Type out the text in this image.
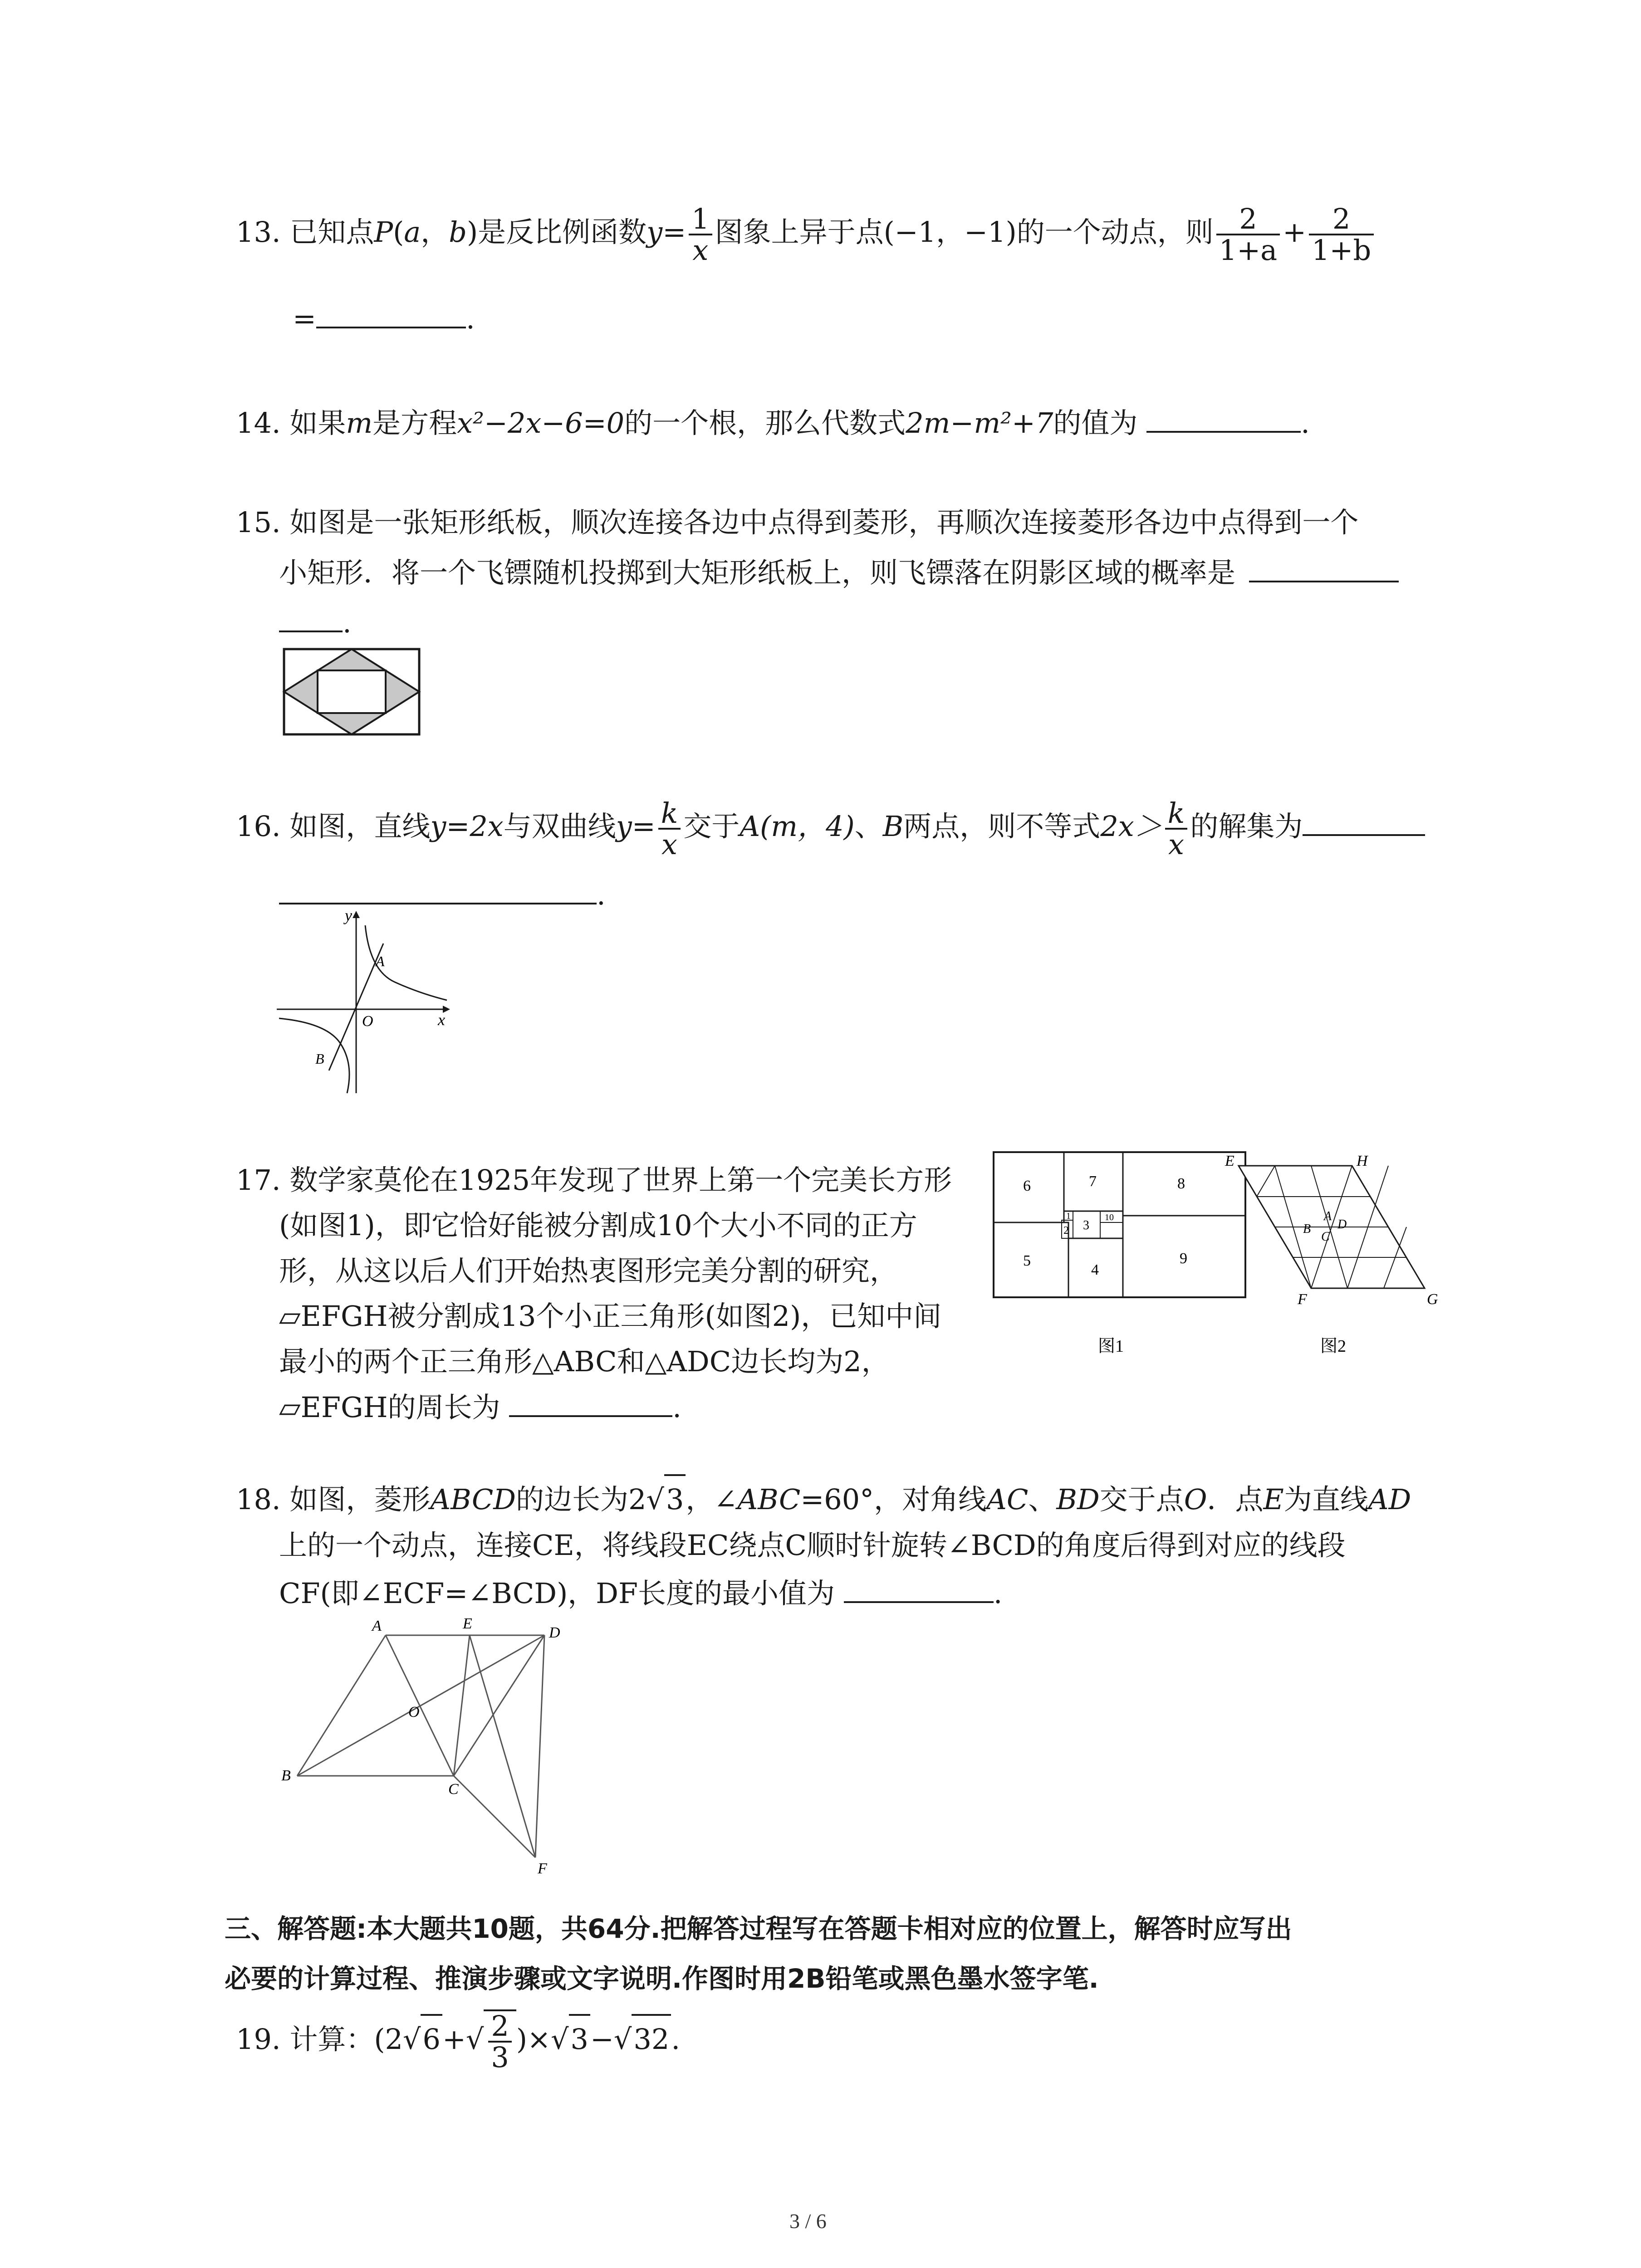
13. 已知点P(a，b)是反比例函数$y= \frac{1}{x}$ 图象上异于点(−1，−1)的一个动点，则 $\frac{2}{1+a} + \frac{2}{1+b}$
=	.
14. 如果m是方程x²−2x−6=0的一个根，那么代数式2m−m²+7的值为	.
15. 如图是一张矩形纸板，顺次连接各边中点得到菱形，再顺次连接菱形各边中点得到一个
小矩形．将一个飞镖随机投掷到大矩形纸板上，则飞镖落在阴影区域的概率是
.
16. 如图，直线y=2x与双曲线$y= \frac{k}{x}$ 交于A(m，4)、B两点，则不等式$2x> \frac{k}{x}$ 的解集为
.
y
x
O
A
B
17. 数学家莫伦在1925年发现了世界上第一个完美长方形
(如图1)，即它恰好能被分割成10个大小不同的正方
形，从这以后人们开始热衷图形完美分割的研究，
▱EFGH被分割成13个小正三角形(如图2)，已知中间
最小的两个正三角形△ABC和△ADC边长均为2，
▱EFGH的周长为	.
6	7	8
1
3
2
10
5
4
9
图1
E	H
F	G
A
B D
C
图2
18. 如图，菱形ABCD的边长为2√3，∠ABC=60°，对角线AC、BD交于点O．点E为直线AD
上的一个动点，连接CE，将线段EC绕点C顺时针旋转∠BCD的角度后得到对应的线段
CF(即∠ECF=∠BCD)，DF长度的最小值为	.
A	E
D
O
B
C
F
三、解答题:本大题共10题，共64分.把解答过程写在答题卡相对应的位置上，解答时应写出
必要的计算过程、推演步骤或文字说明.作图时用2B铅笔或黑色墨水签字笔.
19. 计算：$(2√6+√ \frac{2}{3} )\times√3-√32$.
3 / 6
